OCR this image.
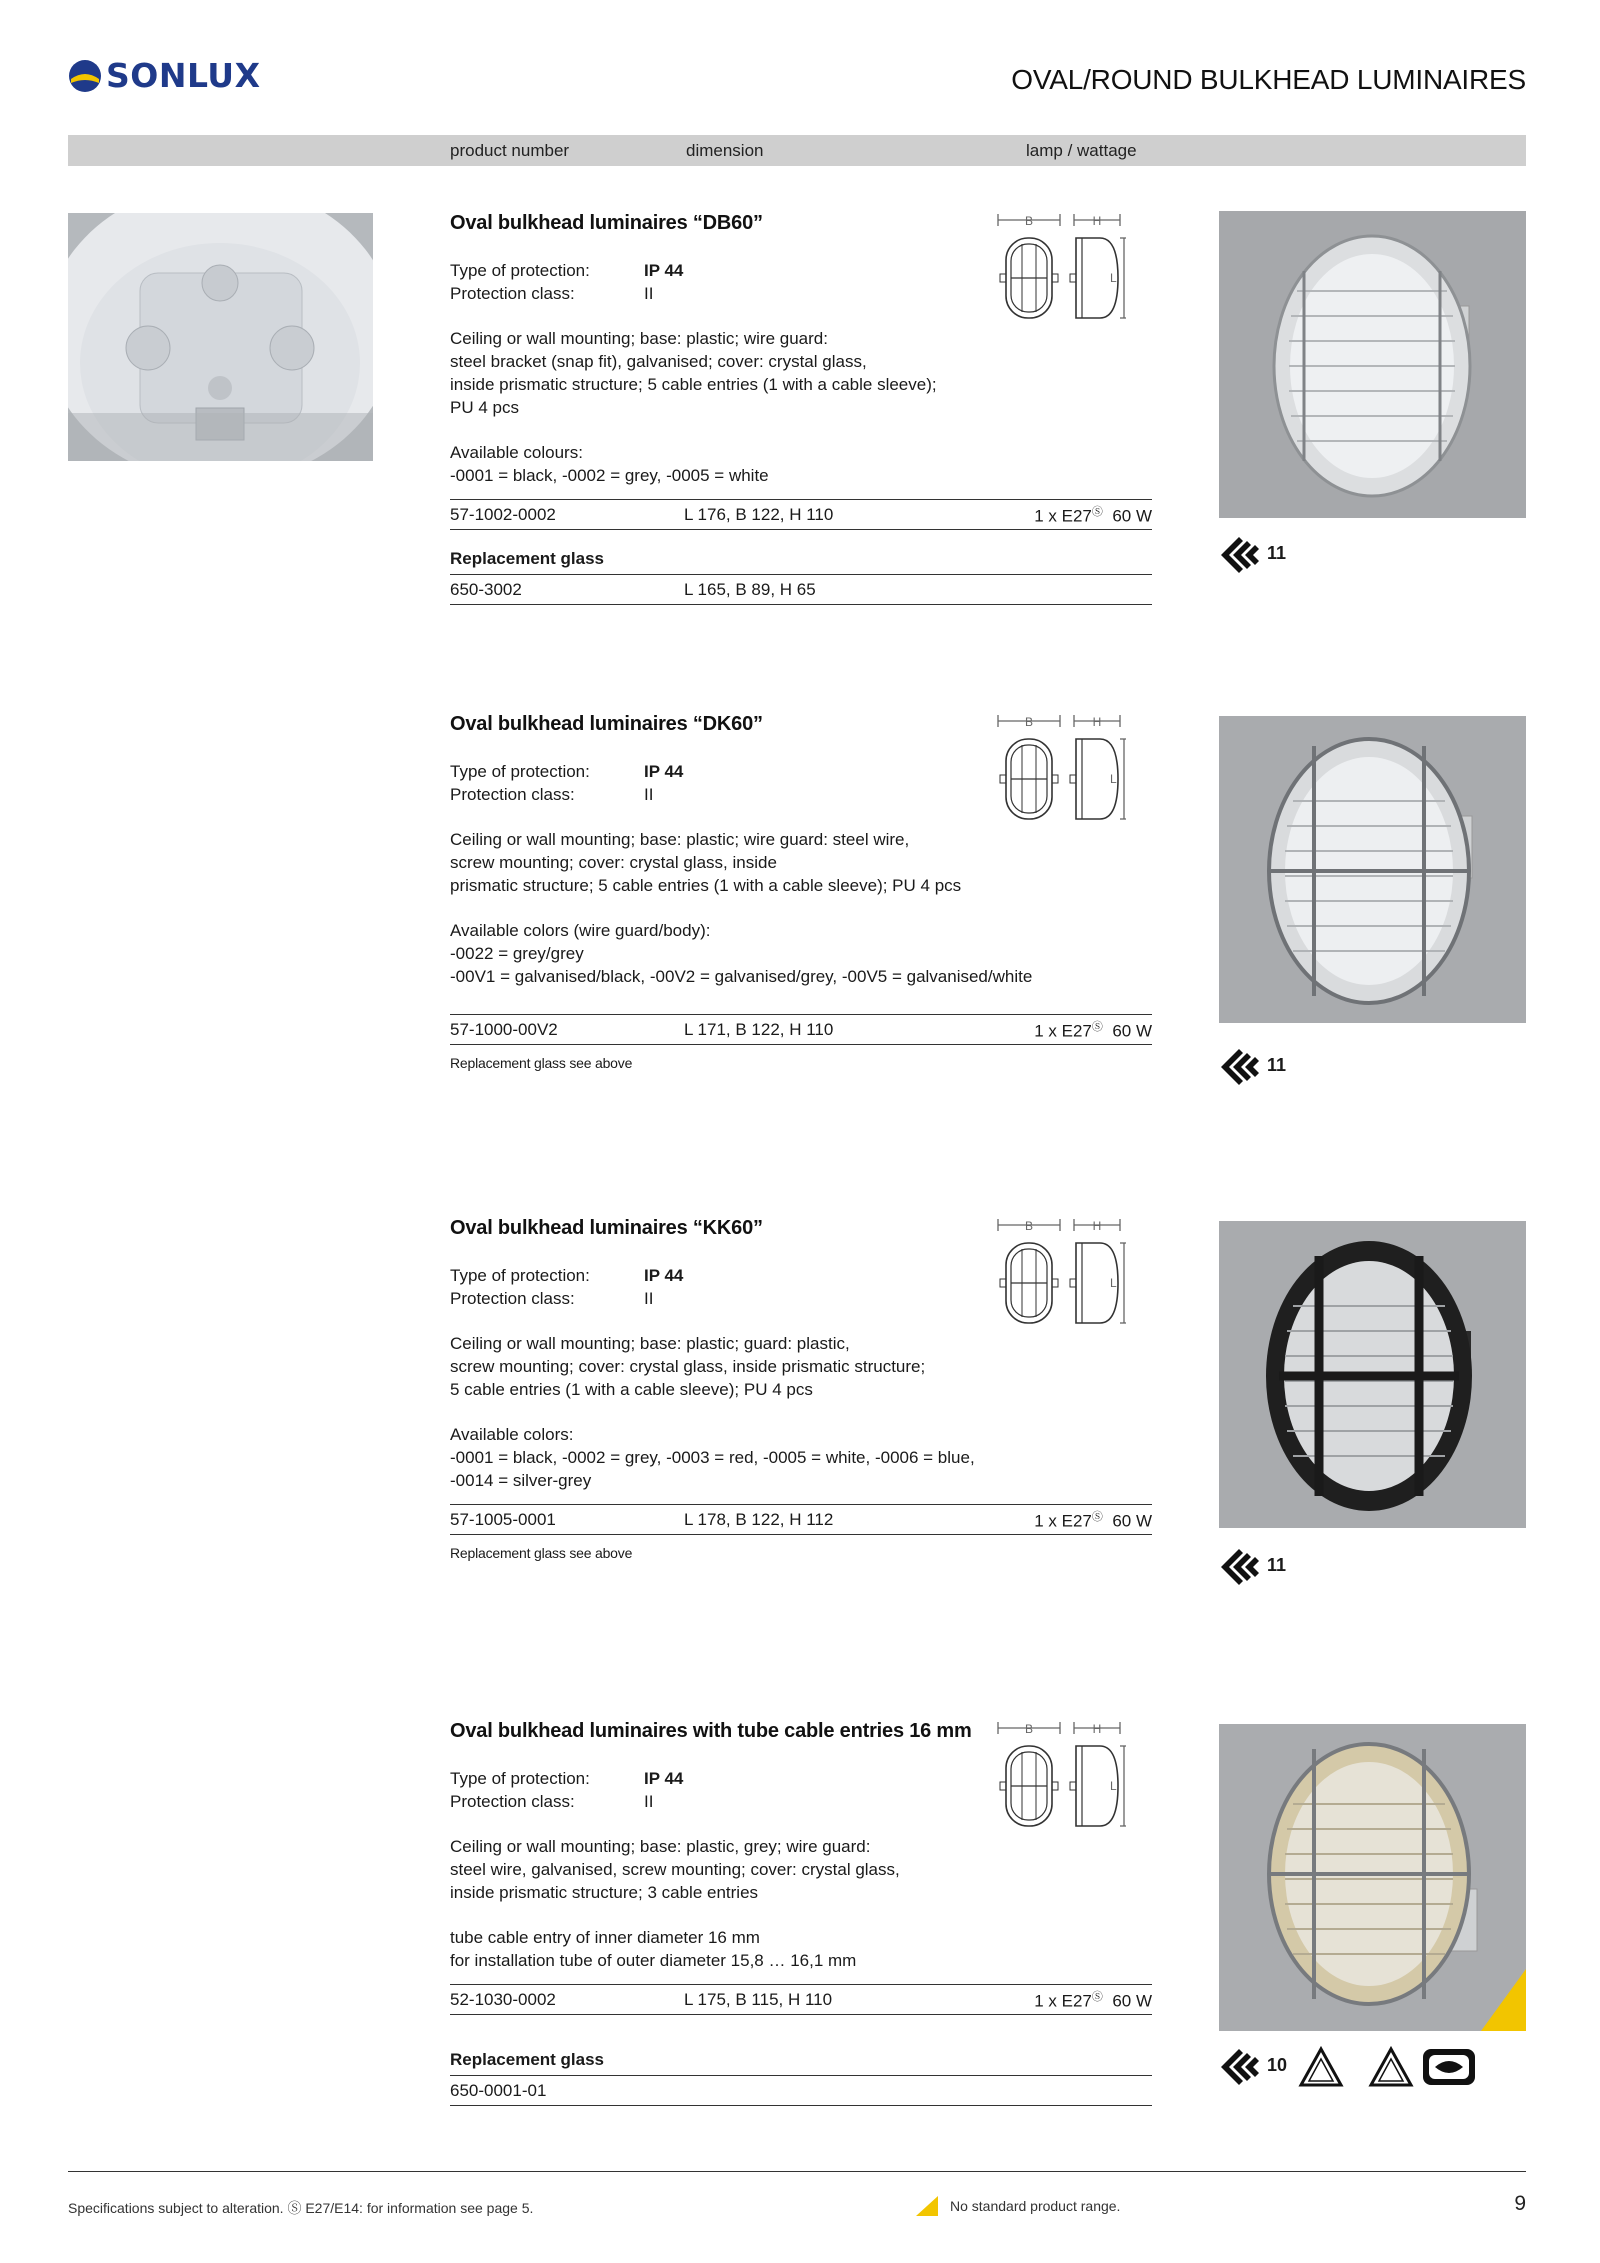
SONLUX	OVAL/ROUND BULKHEAD LUMINAIRES
product number	dimension	lamp / wattage
Oval bulkhead luminaires “DB60”
Type of protection:	IP 44
Protection class:	II
Ceiling or wall mounting; base: plastic; wire guard:
steel bracket (snap fit), galvanised; cover: crystal glass,
inside prismatic structure; 5 cable entries (1 with a cable sleeve);
PU 4 pcs
Available colours:
-0001 = black, -0002 = grey, -0005 = white
57-1002-0002	L 176, B 122, H 110	1 x E27Ⓢ 60 W
Replacement glass
650-3002	L 165, B 89, H 65
Oval bulkhead luminaires “DK60”
Type of protection:	IP 44
Protection class:	II
Ceiling or wall mounting; base: plastic; wire guard: steel wire,
screw mounting; cover: crystal glass, inside
prismatic structure; 5 cable entries (1 with a cable sleeve); PU 4 pcs
Available colors (wire guard/body):
-0022 = grey/grey
-00V1 = galvanised/black, -00V2 = galvanised/grey, -00V5 = galvanised/white
57-1000-00V2	L 171, B 122, H 110	1 x E27Ⓢ 60 W
Replacement glass see above
Oval bulkhead luminaires “KK60”
Type of protection:	IP 44
Protection class:	II
Ceiling or wall mounting; base: plastic; guard: plastic,
screw mounting; cover: crystal glass, inside prismatic structure;
5 cable entries (1 with a cable sleeve); PU 4 pcs
Available colors:
-0001 = black, -0002 = grey, -0003 = red, -0005 = white, -0006 = blue,
-0014 = silver-grey
57-1005-0001	L 178, B 122, H 112	1 x E27Ⓢ 60 W
Replacement glass see above
Oval bulkhead luminaires with tube cable entries 16 mm
Type of protection:	IP 44
Protection class:	II
Ceiling or wall mounting; base: plastic, grey; wire guard:
steel wire, galvanised, screw mounting; cover: crystal glass,
inside prismatic structure; 3 cable entries
tube cable entry of inner diameter 16 mm
for installation tube of outer diameter 15,8 … 16,1 mm
52-1030-0002	L 175, B 115, H 110	1 x E27Ⓢ 60 W
Replacement glass
650-0001-01
B	H
L
B	H
L
B	H
L
B	H
L
11
11
11
10
Specifications subject to alteration. Ⓢ E27/E14: for information see page 5.	No standard product range.	9
